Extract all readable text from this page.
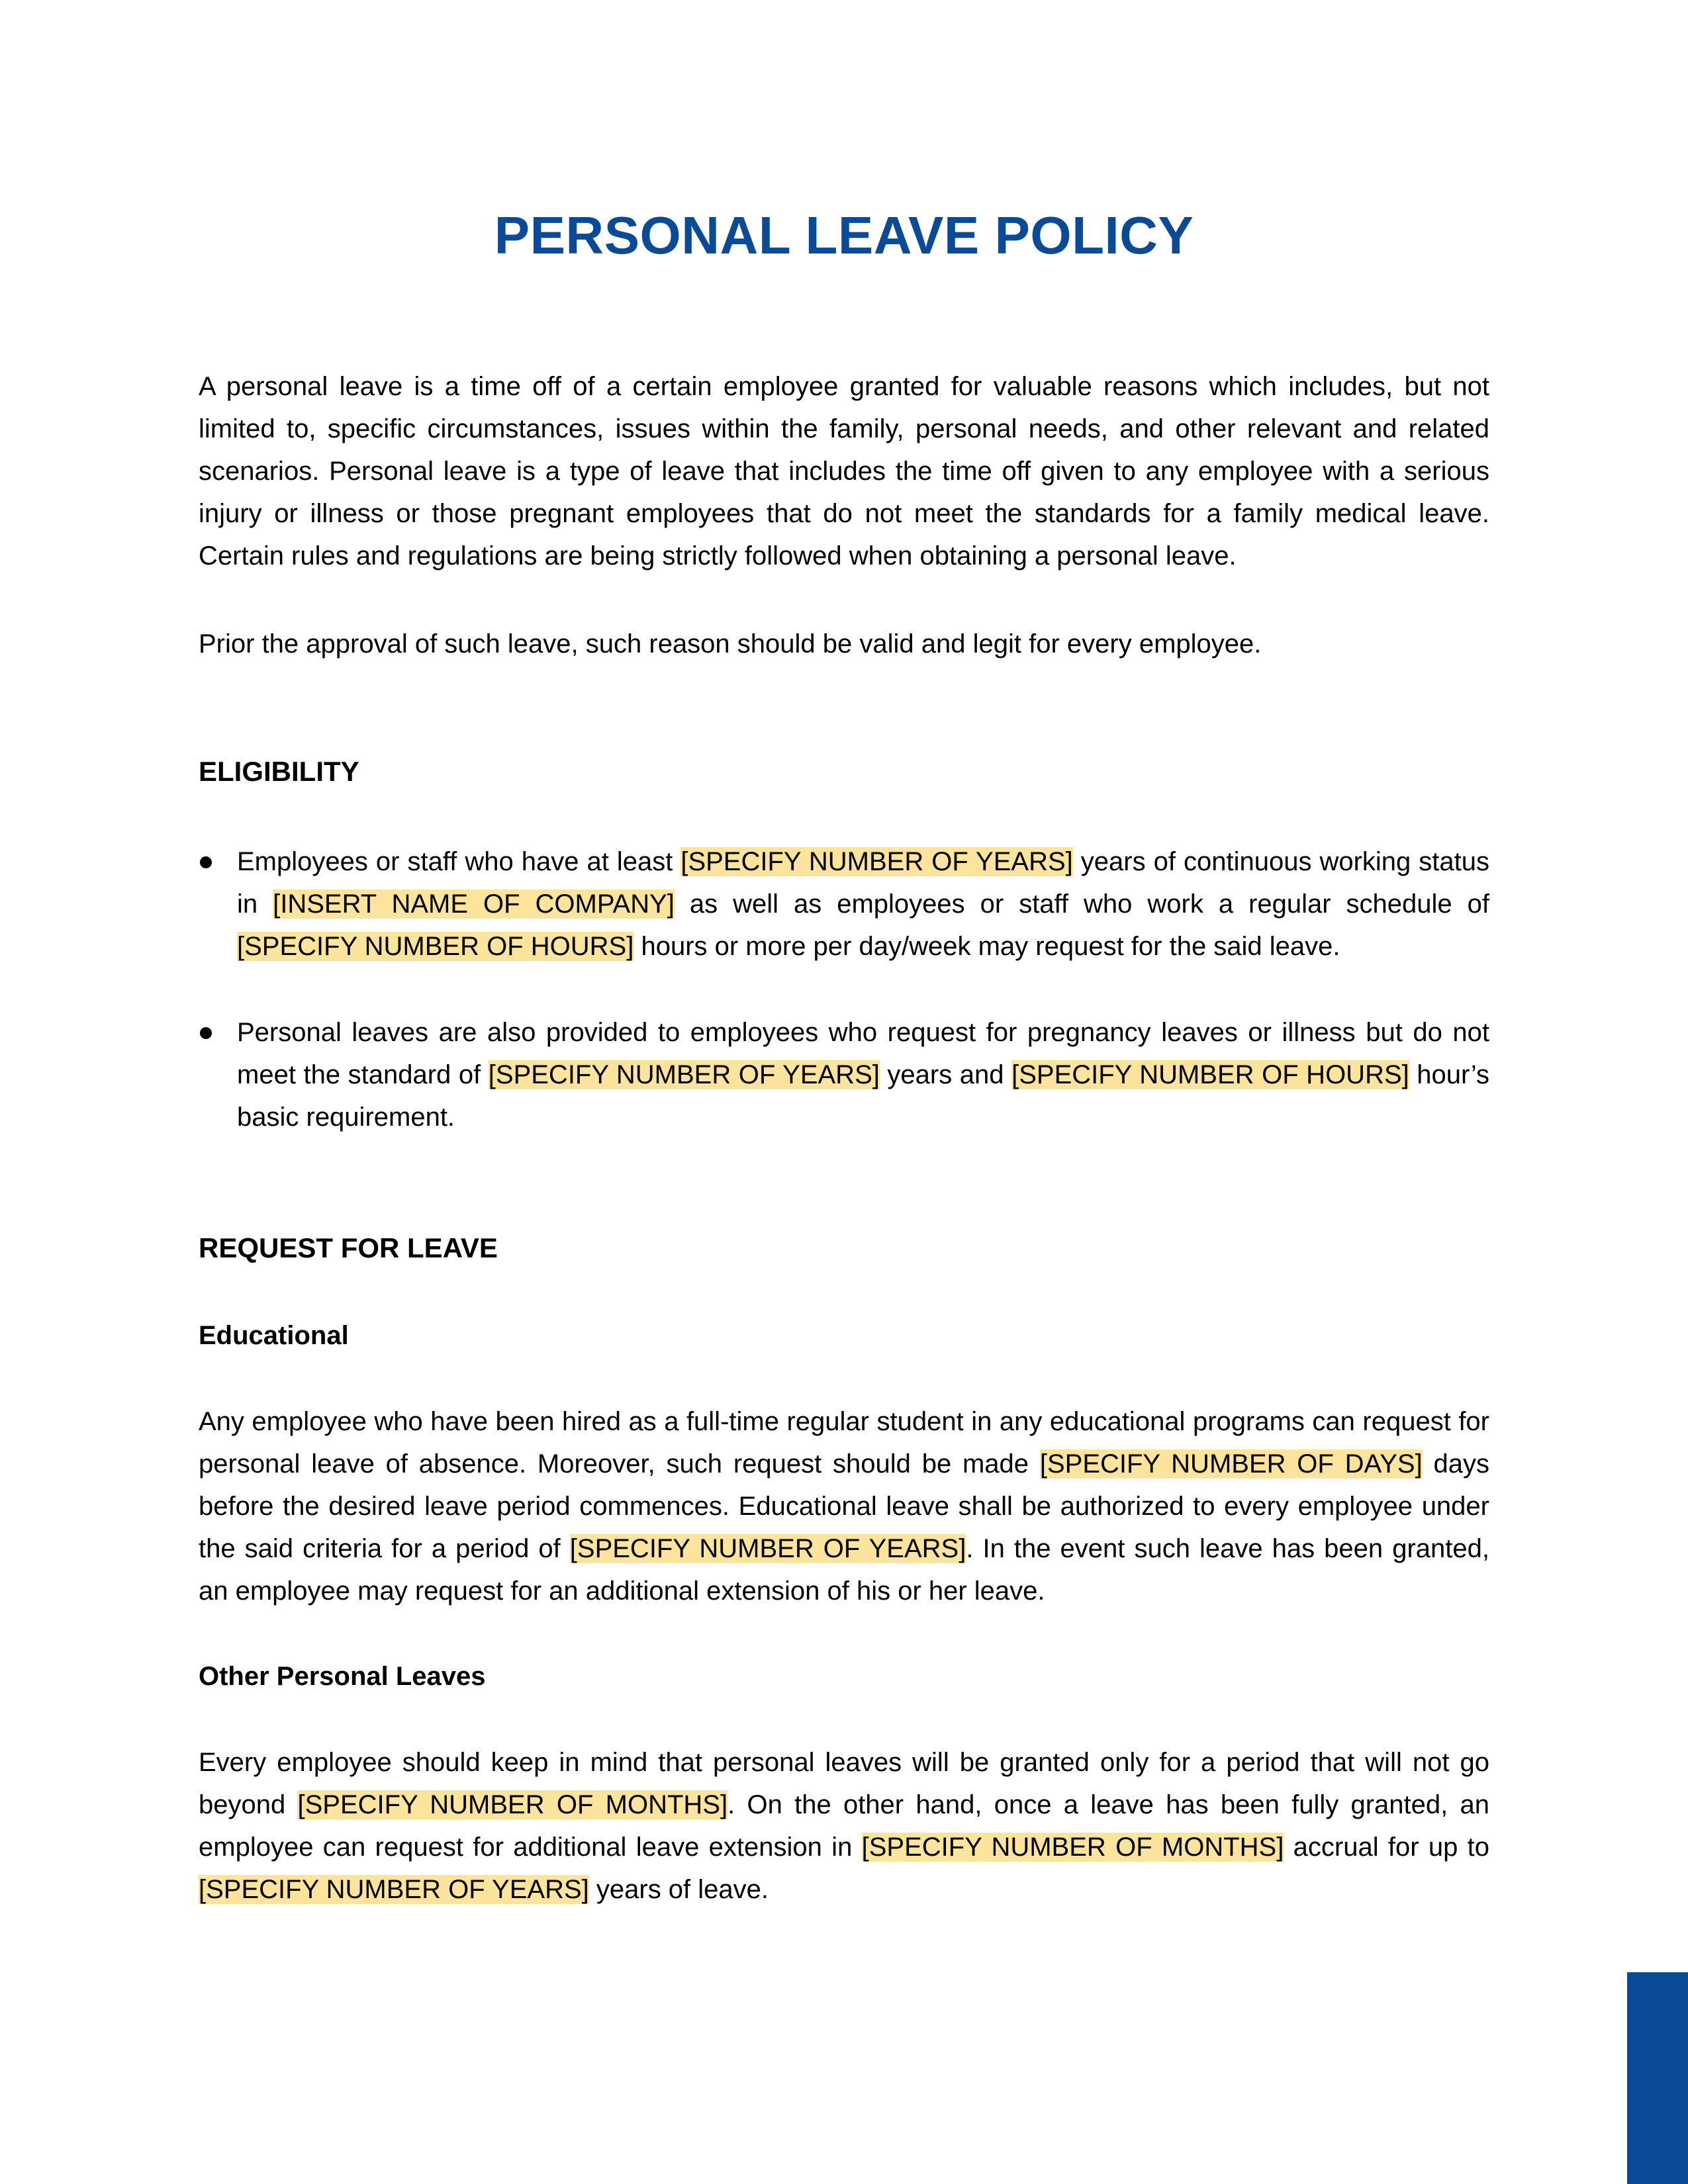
PERSONAL LEAVE POLICY

A personal leave is a time off of a certain employee granted for valuable reasons which includes, but not limited to, specific circumstances, issues within the family, personal needs, and other relevant and related scenarios. Personal leave is a type of leave that includes the time off given to any employee with a serious injury or illness or those pregnant employees that do not meet the standards for a family medical leave. Certain rules and regulations are being strictly followed when obtaining a personal leave.

Prior the approval of such leave, such reason should be valid and legit for every employee.

ELIGIBILITY
Employees or staff who have at least [SPECIFY NUMBER OF YEARS] years of continuous working status in [INSERT NAME OF COMPANY] as well as employees or staff who work a regular schedule of [SPECIFY NUMBER OF HOURS] hours or more per day/week may request for the said leave.
Personal leaves are also provided to employees who request for pregnancy leaves or illness but do not meet the standard of [SPECIFY NUMBER OF YEARS] years and [SPECIFY NUMBER OF HOURS] hour’s basic requirement.
REQUEST FOR LEAVE
Educational

Any employee who have been hired as a full-time regular student in any educational programs can request for personal leave of absence. Moreover, such request should be made [SPECIFY NUMBER OF DAYS] days before the desired leave period commences. Educational leave shall be authorized to every employee under the said criteria for a period of [SPECIFY NUMBER OF YEARS]. In the event such leave has been granted, an employee may request for an additional extension of his or her leave.

Other Personal Leaves

Every employee should keep in mind that personal leaves will be granted only for a period that will not go beyond [SPECIFY NUMBER OF MONTHS]. On the other hand, once a leave has been fully granted, an employee can request for additional leave extension in [SPECIFY NUMBER OF MONTHS] accrual for up to [SPECIFY NUMBER OF YEARS] years of leave.
